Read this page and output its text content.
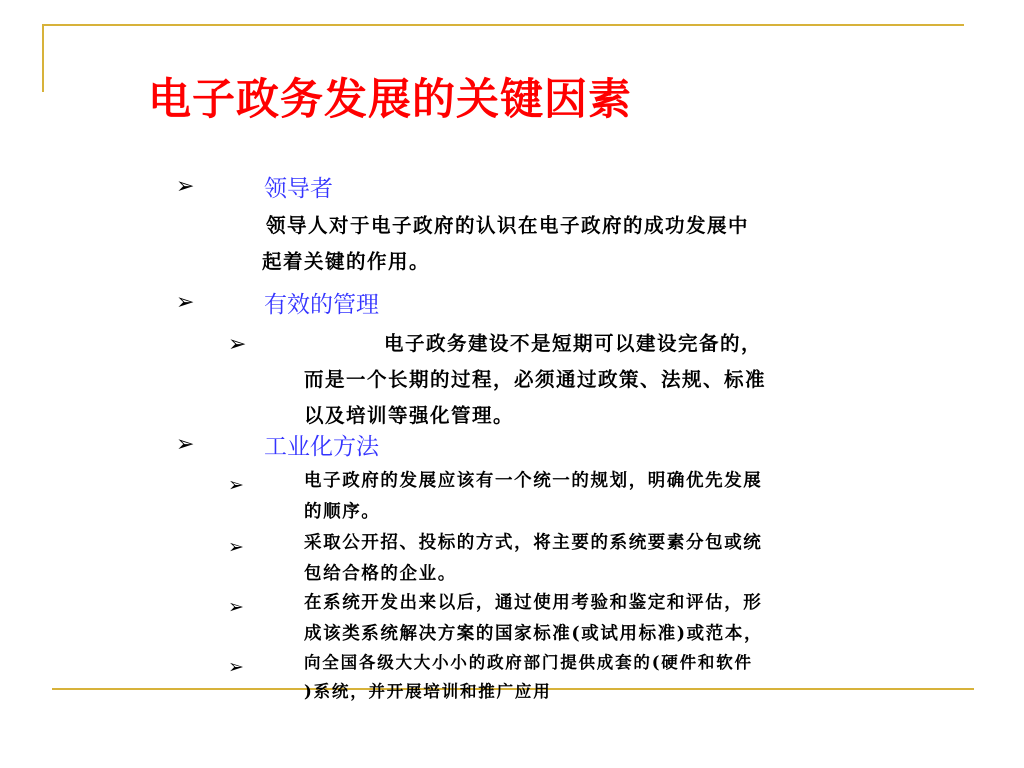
电子政务发展的关键因素
➢	领导者
领导人对于电子政府的认识在电子政府的成功发展中
起着关键的作用。
➢	有效的管理
➢	电子政务建设不是短期可以建设完备的，
而是一个长期的过程，必须通过政策、法规、标准
以及培训等强化管理。
➢	工业化方法
➢	电子政府的发展应该有一个统一的规划，明确优先发展
的顺序。
➢	采取公开招、投标的方式，将主要的系统要素分包或统
包给合格的企业。
➢	在系统开发出来以后，通过使用考验和鉴定和评估，形
成该类系统解决方案的国家标准(或试用标准)或范本，
➢	向全国各级大大小小的政府部门提供成套的(硬件和软件
)系统，并开展培训和推广应用
